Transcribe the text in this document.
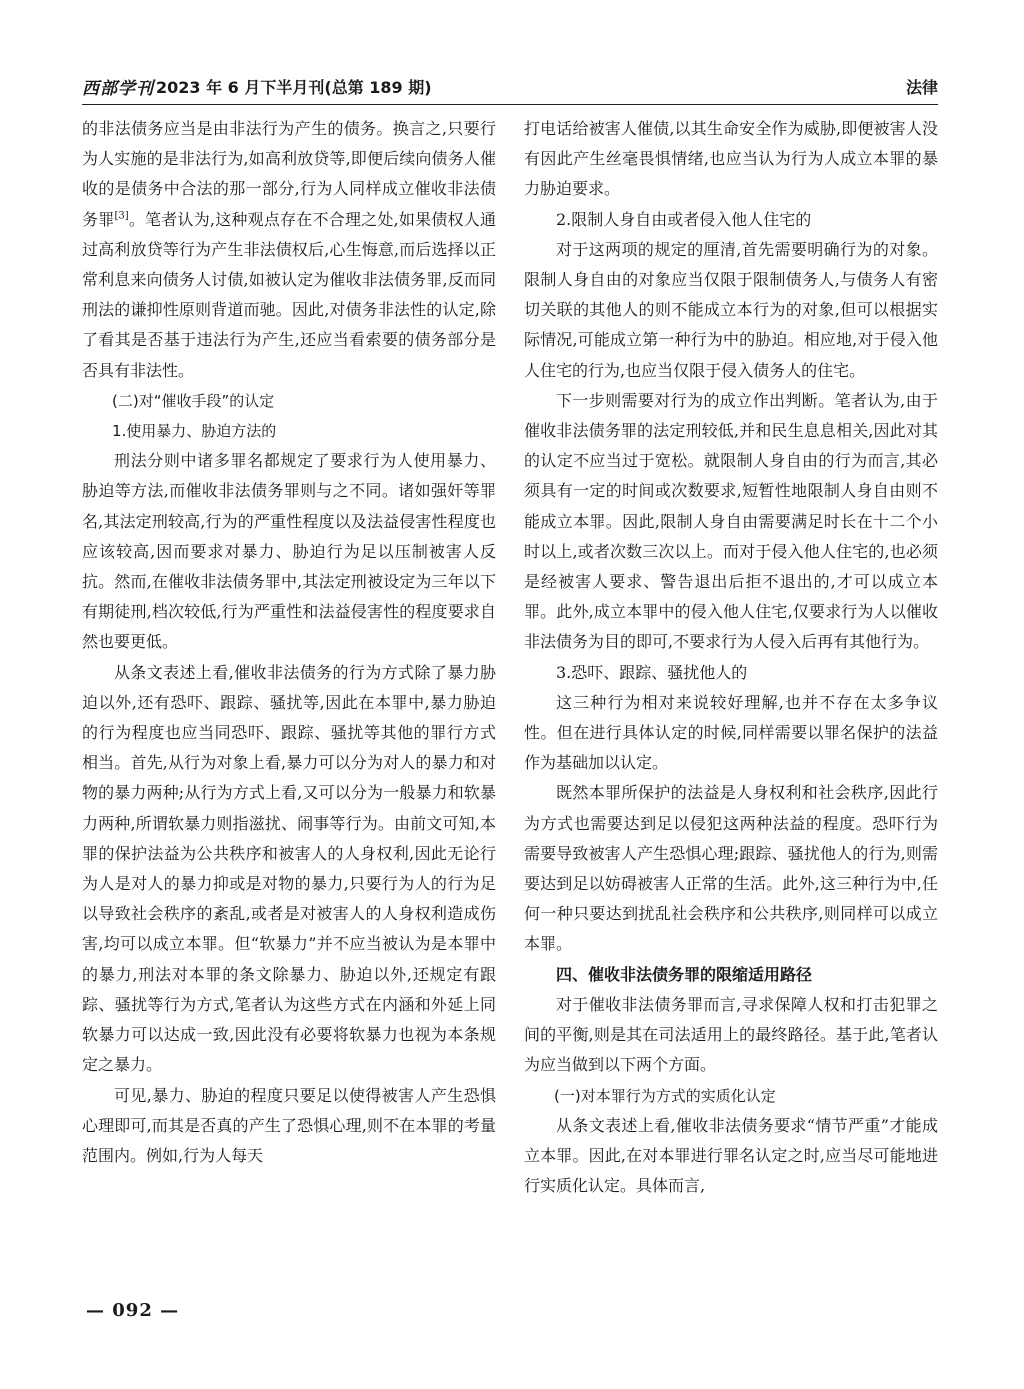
西部学刊 2023 年 6 月下半月刊(总第 189 期)	法律

的非法债务应当是由非法行为产生的债务。换言之,只要行为人实施的是非法行为,如高利放贷等,即便后续向债务人催收的是债务中合法的那一部分,行为人同样成立催收非法债务罪[3]。笔者认为,这种观点存在不合理之处,如果债权人通过高利放贷等行为产生非法债权后,心生悔意,而后选择以正常利息来向债务人讨债,如被认定为催收非法债务罪,反而同刑法的谦抑性原则背道而驰。因此,对债务非法性的认定,除了看其是否基于违法行为产生,还应当看索要的债务部分是否具有非法性。

(二)对“催收手段”的认定

1.使用暴力、胁迫方法的

刑法分则中诸多罪名都规定了要求行为人使用暴力、胁迫等方法,而催收非法债务罪则与之不同。诸如强奸等罪名,其法定刑较高,行为的严重性程度以及法益侵害性程度也应该较高,因而要求对暴力、胁迫行为足以压制被害人反抗。然而,在催收非法债务罪中,其法定刑被设定为三年以下有期徒刑,档次较低,行为严重性和法益侵害性的程度要求自然也要更低。

从条文表述上看,催收非法债务的行为方式除了暴力胁迫以外,还有恐吓、跟踪、骚扰等,因此在本罪中,暴力胁迫的行为程度也应当同恐吓、跟踪、骚扰等其他的罪行方式相当。首先,从行为对象上看,暴力可以分为对人的暴力和对物的暴力两种;从行为方式上看,又可以分为一般暴力和软暴力两种,所谓软暴力则指滋扰、闹事等行为。由前文可知,本罪的保护法益为公共秩序和被害人的人身权利,因此无论行为人是对人的暴力抑或是对物的暴力,只要行为人的行为足以导致社会秩序的紊乱,或者是对被害人的人身权利造成伤害,均可以成立本罪。但“软暴力”并不应当被认为是本罪中的暴力,刑法对本罪的条文除暴力、胁迫以外,还规定有跟踪、骚扰等行为方式,笔者认为这些方式在内涵和外延上同软暴力可以达成一致,因此没有必要将软暴力也视为本条规定之暴力。

可见,暴力、胁迫的程度只要足以使得被害人产生恐惧心理即可,而其是否真的产生了恐惧心理,则不在本罪的考量范围内。例如,行为人每天

打电话给被害人催债,以其生命安全作为威胁,即便被害人没有因此产生丝毫畏惧情绪,也应当认为行为人成立本罪的暴力胁迫要求。

2.限制人身自由或者侵入他人住宅的

对于这两项的规定的厘清,首先需要明确行为的对象。限制人身自由的对象应当仅限于限制债务人,与债务人有密切关联的其他人的则不能成立本行为的对象,但可以根据实际情况,可能成立第一种行为中的胁迫。相应地,对于侵入他人住宅的行为,也应当仅限于侵入债务人的住宅。

下一步则需要对行为的成立作出判断。笔者认为,由于催收非法债务罪的法定刑较低,并和民生息息相关,因此对其的认定不应当过于宽松。就限制人身自由的行为而言,其必须具有一定的时间或次数要求,短暂性地限制人身自由则不能成立本罪。因此,限制人身自由需要满足时长在十二个小时以上,或者次数三次以上。而对于侵入他人住宅的,也必须是经被害人要求、警告退出后拒不退出的,才可以成立本罪。此外,成立本罪中的侵入他人住宅,仅要求行为人以催收非法债务为目的即可,不要求行为人侵入后再有其他行为。

3.恐吓、跟踪、骚扰他人的

这三种行为相对来说较好理解,也并不存在太多争议性。但在进行具体认定的时候,同样需要以罪名保护的法益作为基础加以认定。

既然本罪所保护的法益是人身权利和社会秩序,因此行为方式也需要达到足以侵犯这两种法益的程度。恐吓行为需要导致被害人产生恐惧心理;跟踪、骚扰他人的行为,则需要达到足以妨碍被害人正常的生活。此外,这三种行为中,任何一种只要达到扰乱社会秩序和公共秩序,则同样可以成立本罪。

四、催收非法债务罪的限缩适用路径

对于催收非法债务罪而言,寻求保障人权和打击犯罪之间的平衡,则是其在司法适用上的最终路径。基于此,笔者认为应当做到以下两个方面。

(一)对本罪行为方式的实质化认定

从条文表述上看,催收非法债务要求“情节严重”才能成立本罪。因此,在对本罪进行罪名认定之时,应当尽可能地进行实质化认定。具体而言,

— 092 —
